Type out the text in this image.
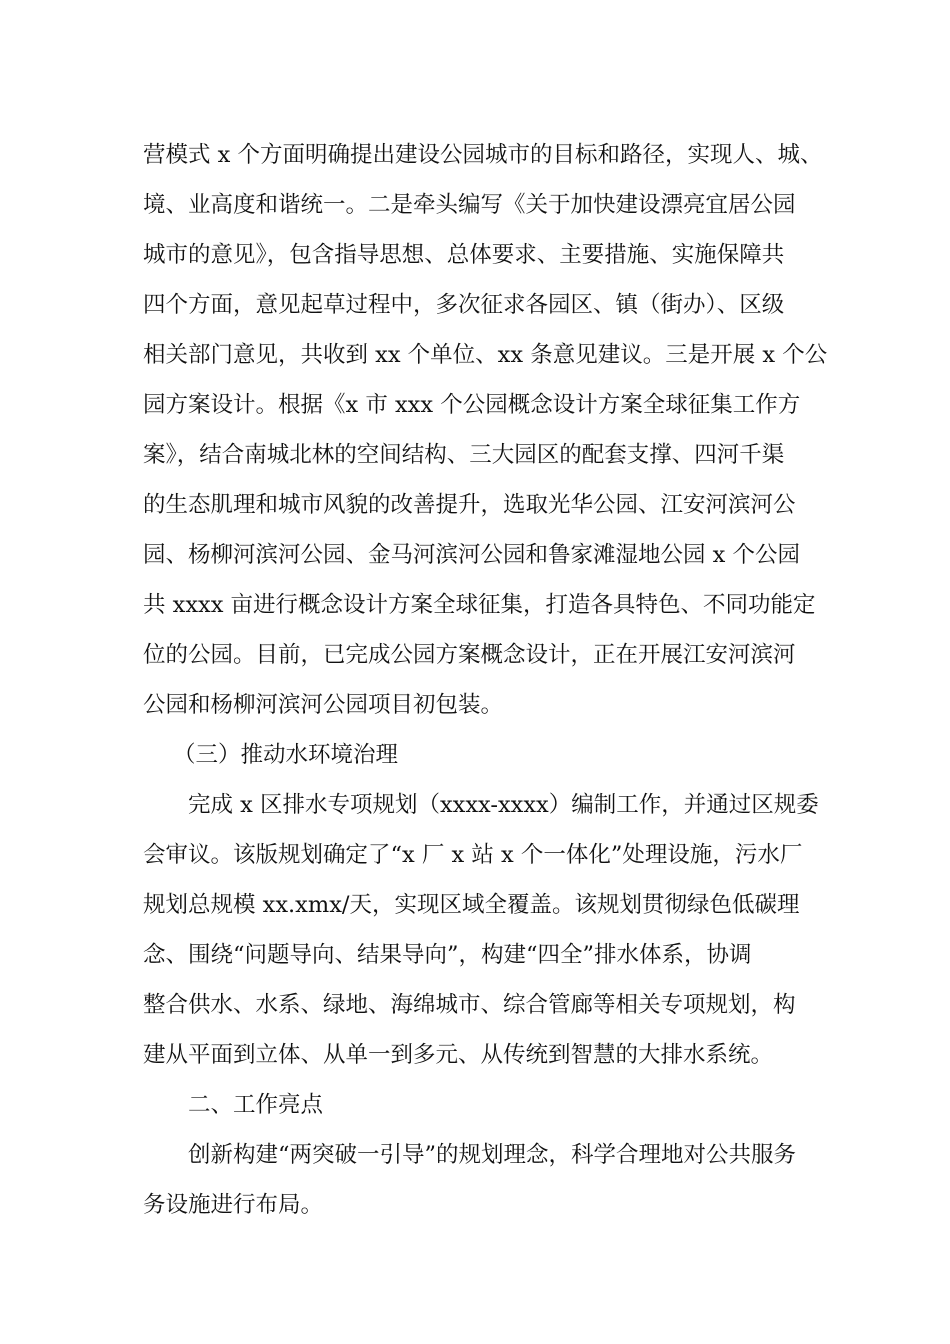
营模式 x 个方面明确提出建设公园城市的目标和路径，实现人、城、
境、业高度和谐统一。二是牵头编写《关于加快建设漂亮宜居公园
城市的意见》，包含指导思想、总体要求、主要措施、实施保障共
四个方面，意见起草过程中，多次征求各园区、镇（街办）、区级
相关部门意见，共收到 xx 个单位、xx 条意见建议。三是开展 x 个公
园方案设计。根据《x 市 xxx 个公园概念设计方案全球征集工作方
案》，结合南城北林的空间结构、三大园区的配套支撑、四河千渠
的生态肌理和城市风貌的改善提升，选取光华公园、江安河滨河公
园、杨柳河滨河公园、金马河滨河公园和鲁家滩湿地公园 x 个公园
共 xxxx 亩进行概念设计方案全球征集，打造各具特色、不同功能定
位的公园。目前，已完成公园方案概念设计，正在开展江安河滨河
公园和杨柳河滨河公园项目初包装。
（三）推动水环境治理
完成 x 区排水专项规划（xxxx-xxxx）编制工作，并通过区规委
会审议。该版规划确定了“x 厂 x 站 x 个一体化”处理设施，污水厂
规划总规模 xx.xmx/天，实现区域全覆盖。该规划贯彻绿色低碳理
念、围绕“问题导向、结果导向”，构建“四全”排水体系，协调
整合供水、水系、绿地、海绵城市、综合管廊等相关专项规划，构
建从平面到立体、从单一到多元、从传统到智慧的大排水系统。
二、工作亮点
创新构建“两突破一引导”的规划理念，科学合理地对公共服务
务设施进行布局。
